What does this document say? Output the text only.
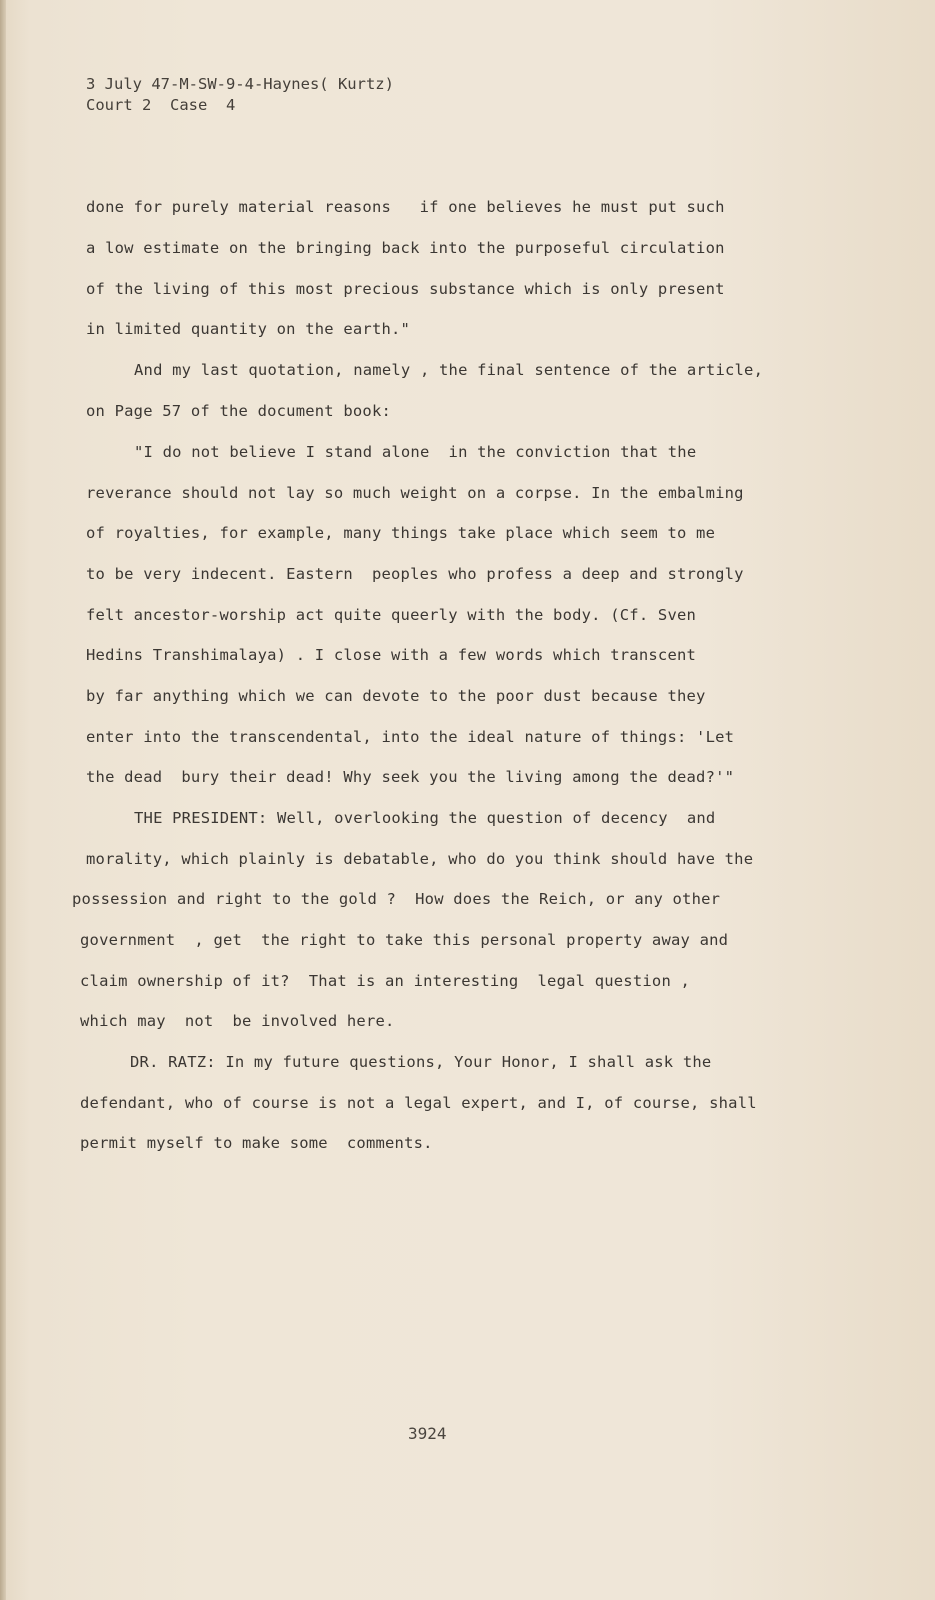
3 July 47-M-SW-9-4-Haynes( Kurtz)
Court 2  Case  4
done for purely material reasons   if one believes he must put such
a low estimate on the bringing back into the purposeful circulation
of the living of this most precious substance which is only present
in limited quantity on the earth."
And my last quotation, namely , the final sentence of the article,
on Page 57 of the document book:
"I do not believe I stand alone  in the conviction that the
reverance should not lay so much weight on a corpse. In the embalming
of royalties, for example, many things take place which seem to me
to be very indecent. Eastern  peoples who profess a deep and strongly
felt ancestor-worship act quite queerly with the body. (Cf. Sven
Hedins Transhimalaya) . I close with a few words which transcent
by far anything which we can devote to the poor dust because they
enter into the transcendental, into the ideal nature of things: 'Let
the dead  bury their dead! Why seek you the living among the dead?'"
THE PRESIDENT: Well, overlooking the question of decency  and
morality, which plainly is debatable, who do you think should have the
possession and right to the gold ?  How does the Reich, or any other
government  , get  the right to take this personal property away and
claim ownership of it?  That is an interesting  legal question ,
which may  not  be involved here.
DR. RATZ: In my future questions, Your Honor, I shall ask the
defendant, who of course is not a legal expert, and I, of course, shall
permit myself to make some  comments.
3924
